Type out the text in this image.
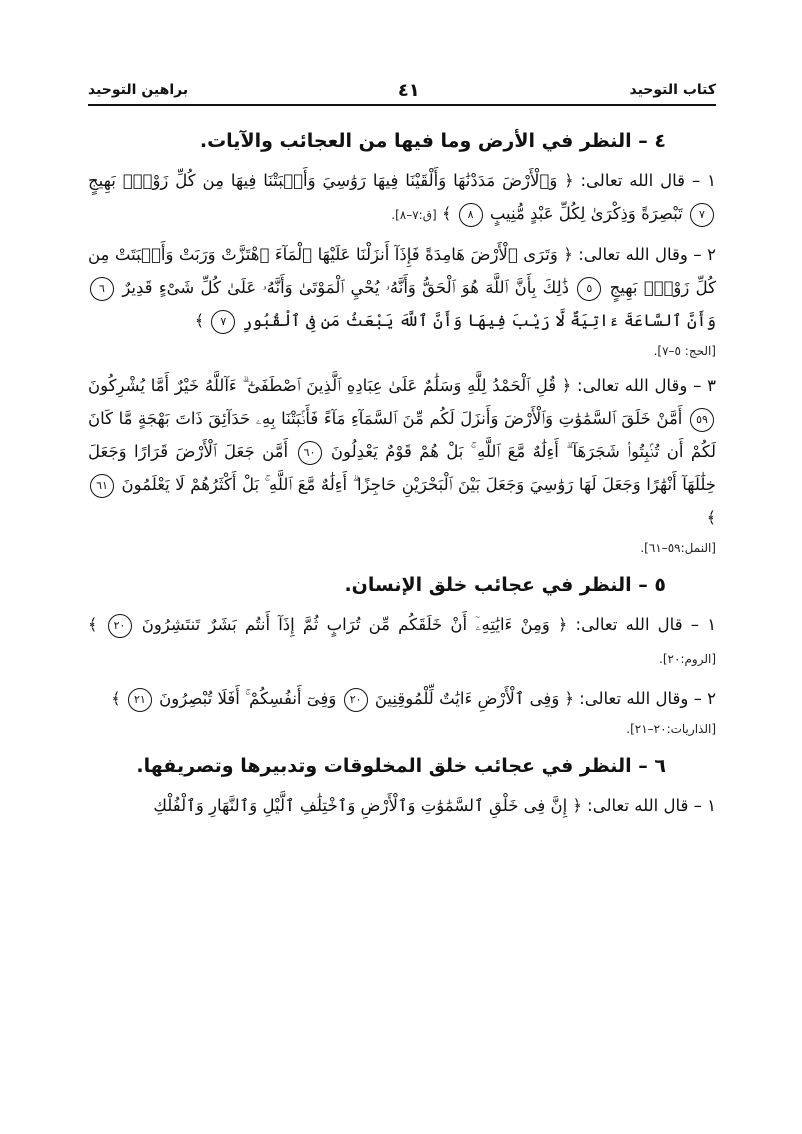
كتاب التوحيد
٤١
براهين التوحيد
٤ – النظر في الأرض وما فيها من العجائب والآيات.
١ – قال الله تعالى: ﴿ وَٱلْأَرْضَ مَدَدْنَٰهَا وَأَلْقَيْنَا فِيهَا رَوَٰسِيَ وَأَنۢبَتْنَا فِيهَا مِن كُلِّ زَوْجٍۭ بَهِيجٍ ٧ تَبْصِرَةً وَذِكْرَىٰ لِكُلِّ عَبْدٍ مُّنِيبٍ ٨ ﴾ [ق:٧–٨].
٢ – وقال الله تعالى: ﴿ وَتَرَى ٱلْأَرْضَ هَامِدَةً فَإِذَآ أَنزَلْنَا عَلَيْهَا ٱلْمَآءَ ٱهْتَزَّتْ وَرَبَتْ وَأَنۢبَتَتْ مِن كُلِّ زَوْجٍۭ بَهِيجٍ ٥ ذَٰلِكَ بِأَنَّ ٱللَّهَ هُوَ ٱلْحَقُّ وَأَنَّهُۥ يُحْيِ ٱلْمَوْتَىٰ وَأَنَّهُۥ عَلَىٰ كُلِّ شَىْءٍ قَدِيرٌ ٦ وَأَنَّ ٱلسَّاعَةَ ءَاتِيَةٌ لَّا رَيْبَ فِيهَا وَأَنَّ ٱللَّهَ يَبْعَثُ مَن فِى ٱلْقُبُورِ ٧ ﴾
[الحج: ٥–٧].
٣ – وقال الله تعالى: ﴿ قُلِ ٱلْحَمْدُ لِلَّهِ وَسَلَٰمٌ عَلَىٰ عِبَادِهِ ٱلَّذِينَ ٱصْطَفَىٰٓ ۗ ءَآللَّهُ خَيْرٌ أَمَّا يُشْرِكُونَ ٥٩ أَمَّنْ خَلَقَ ٱلسَّمَٰوَٰتِ وَٱلْأَرْضَ وَأَنزَلَ لَكُم مِّنَ ٱلسَّمَآءِ مَآءً فَأَنۢبَتْنَا بِهِۦ حَدَآئِقَ ذَاتَ بَهْجَةٍ مَّا كَانَ لَكُمْ أَن تُنۢبِتُوا۟ شَجَرَهَآ ۗ أَءِلَٰهٌ مَّعَ ٱللَّهِ ۚ بَلْ هُمْ قَوْمٌ يَعْدِلُونَ ٦٠ أَمَّن جَعَلَ ٱلْأَرْضَ قَرَارًا وَجَعَلَ خِلَٰلَهَآ أَنْهَٰرًا وَجَعَلَ لَهَا رَوَٰسِيَ وَجَعَلَ بَيْنَ ٱلْبَحْرَيْنِ حَاجِزًا ۗ أَءِلَٰهٌ مَّعَ ٱللَّهِ ۚ بَلْ أَكْثَرُهُمْ لَا يَعْلَمُونَ ٦١ ﴾
[النمل:٥٩–٦١].
٥ – النظر في عجائب خلق الإنسان.
١ – قال الله تعالى: ﴿ وَمِنْ ءَايَٰتِهِۦٓ أَنْ خَلَقَكُم مِّن تُرَابٍ ثُمَّ إِذَآ أَنتُم بَشَرٌ تَنتَشِرُونَ ٢٠ ﴾ [الروم:٢٠].
٢ – وقال الله تعالى: ﴿ وَفِى ٱلْأَرْضِ ءَايَٰتٌ لِّلْمُوقِنِينَ ٢٠ وَفِىٓ أَنفُسِكُمْ ۚ أَفَلَا تُبْصِرُونَ ٢١ ﴾
[الذاريات:٢٠–٢١].
٦ – النظر في عجائب خلق المخلوقات وتدبيرها وتصريفها.
١ – قال الله تعالى: ﴿ إِنَّ فِى خَلْقِ ٱلسَّمَٰوَٰتِ وَٱلْأَرْضِ وَٱخْتِلَٰفِ ٱلَّيْلِ وَٱلنَّهَارِ وَٱلْفُلْكِ
